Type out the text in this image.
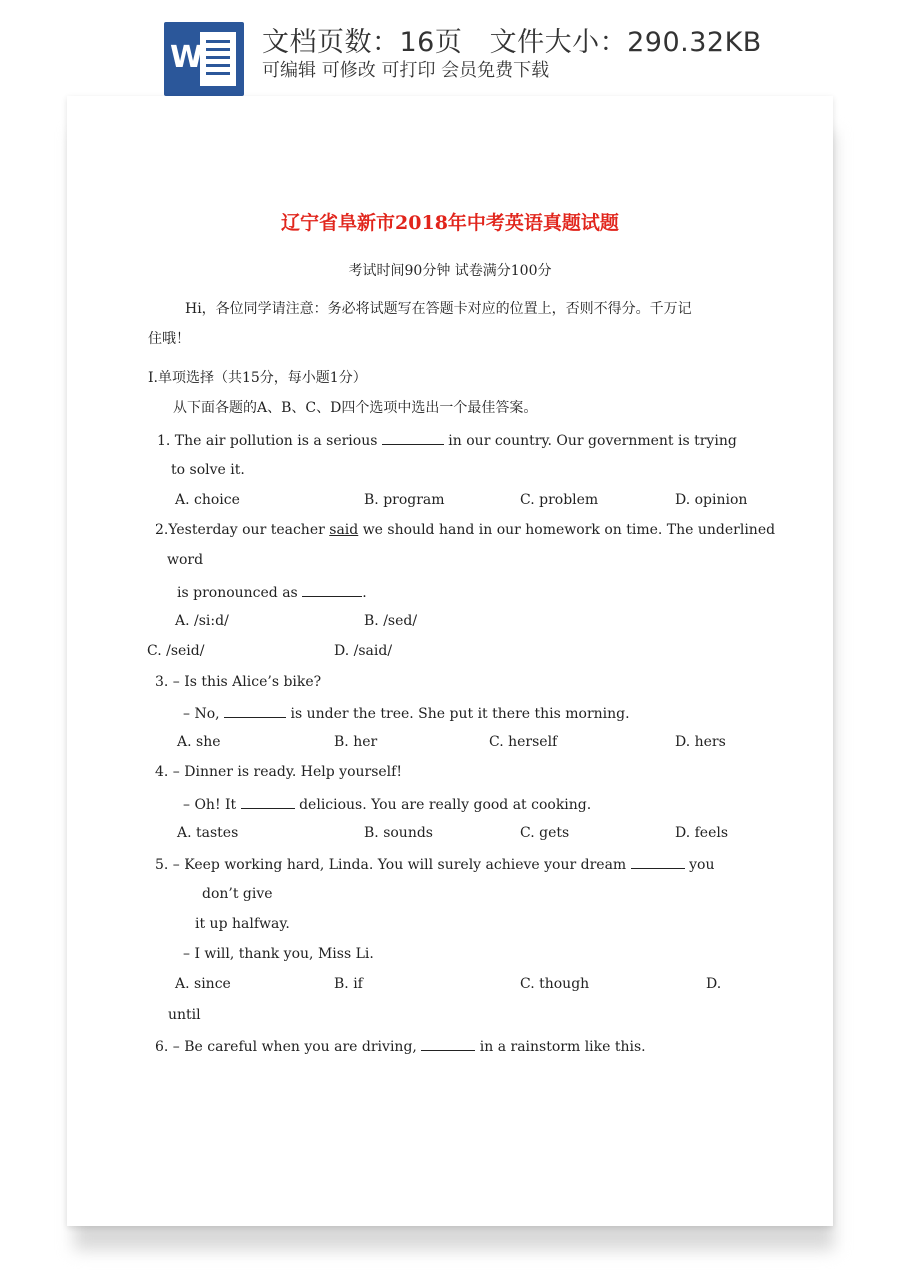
W 文档页数：16页   文件大小：290.32KB
可编辑 可修改 可打印 会员免费下载
辽宁省阜新市2018年中考英语真题试题
考试时间90分钟 试卷满分100分
Hi，各位同学请注意：务必将试题写在答题卡对应的位置上，否则不得分。千万记
住哦！
Ⅰ.单项选择（共15分，每小题1分）
从下面各题的A、B、C、D四个选项中选出一个最佳答案。
1. The air pollution is a serious	in our country. Our government is trying
to solve it.
A. choice	B. program	C. problem	D. opinion
2.Yesterday our teacher said we should hand in our homework on time. The underlined
word
is pronounced as	.
A. /si:d/	B. /sed/
C. /seid/	D. /said/
3. – Is this Alice’s bike?
– No,	is under the tree. She put it there this morning.
A. she	B. her	C. herself	D. hers
4. – Dinner is ready. Help yourself!
– Oh! It	delicious. You are really good at cooking.
A. tastes	B. sounds	C. gets	D. feels
5. – Keep working hard, Linda. You will surely achieve your dream	you
don’t give
it up halfway.
– I will, thank you, Miss Li.
A. since	B. if	C. though	D.
until
6. – Be careful when you are driving,	in a rainstorm like this.
